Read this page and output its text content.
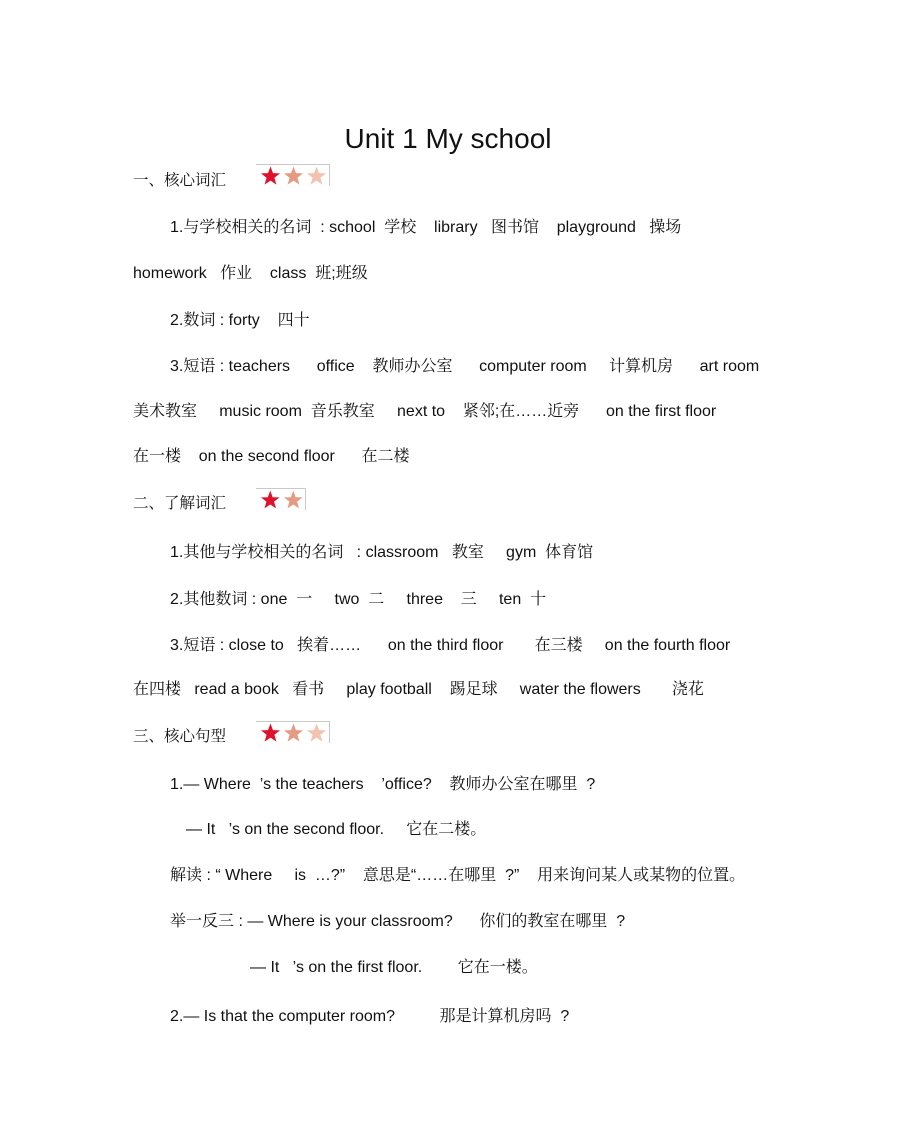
Unit 1 My school
一、核心词汇
1.与学校相关的名词  : school  学校    library   图书馆    playground   操场
homework   作业    class  班;班级
2.数词 : forty    四十
3.短语 : teachers      office    教师办公室      computer room     计算机房      art room
美术教室     music room  音乐教室     next to    紧邻;在……近旁      on the first floor
在一楼    on the second floor      在二楼
二、了解词汇
1.其他与学校相关的名词   : classroom   教室     gym  体育馆
2.其他数词 : one  一     two  二     three    三     ten  十
3.短语 : close to   挨着……      on the third floor       在三楼     on the fourth floor
在四楼   read a book   看书     play football    踢足球     water the flowers       浇花
三、核心句型
1.— Where  ’s the teachers    ’office?    教师办公室在哪里  ?
— It   ’s on the second floor.     它在二楼。
解读 : “ Where     is  …?”    意思是“……在哪里  ?”    用来询问某人或某物的位置。
举一反三 : — Where is your classroom?      你们的教室在哪里  ?
— It   ’s on the first floor.        它在一楼。
2.— Is that the computer room?          那是计算机房吗  ?
